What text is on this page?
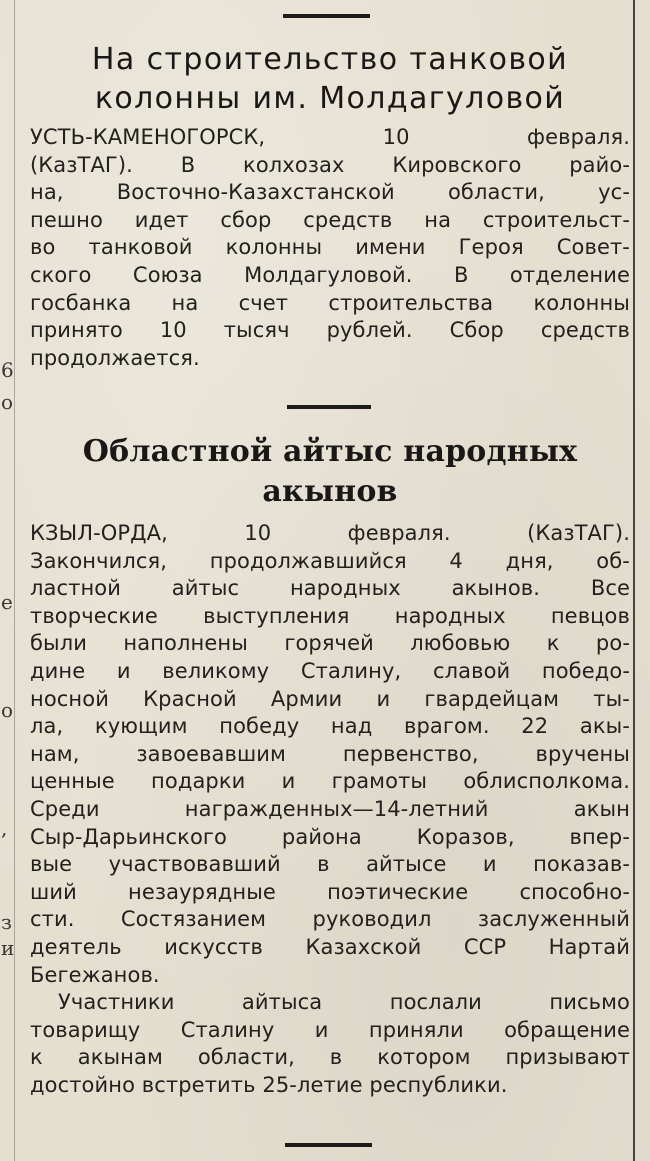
6
о
е
о
,
з
и
На строительство танковой
колонны им. Молдагуловой
УСТЬ-КАМЕНОГОРСК, 10 февраля.
(КазТАГ). В колхозах Кировского райо-
на, Восточно-Казахстанской области, ус-
пешно идет сбор средств на строительст-
во танковой колонны имени Героя Совет-
ского Союза Молдагуловой. В отделение
госбанка на счет строительства колонны
принято 10 тысяч рублей. Сбор средств
продолжается.
Областной айтыс народных
акынов
КЗЫЛ-ОРДА, 10 февраля. (КазТАГ).
Закончился, продолжавшийся 4 дня, об-
ластной айтыс народных акынов. Все
творческие выступления народных певцов
были наполнены горячей любовью к ро-
дине и великому Сталину, славой победо-
носной Красной Армии и гвардейцам ты-
ла, кующим победу над врагом. 22 акы-
нам, завоевавшим первенство, вручены
ценные подарки и грамоты облисполкома.
Среди награжденных—14-летний акын
Сыр-Дарьинского района Коразов, впер-
вые участвовавший в айтысе и показав-
ший незаурядные поэтические способно-
сти. Состязанием руководил заслуженный
деятель искусств Казахской ССР Нартай
Бегежанов.
Участники айтыса послали письмо
товарищу Сталину и приняли обращение
к акынам области, в котором призывают
достойно встретить 25-летие республики.
